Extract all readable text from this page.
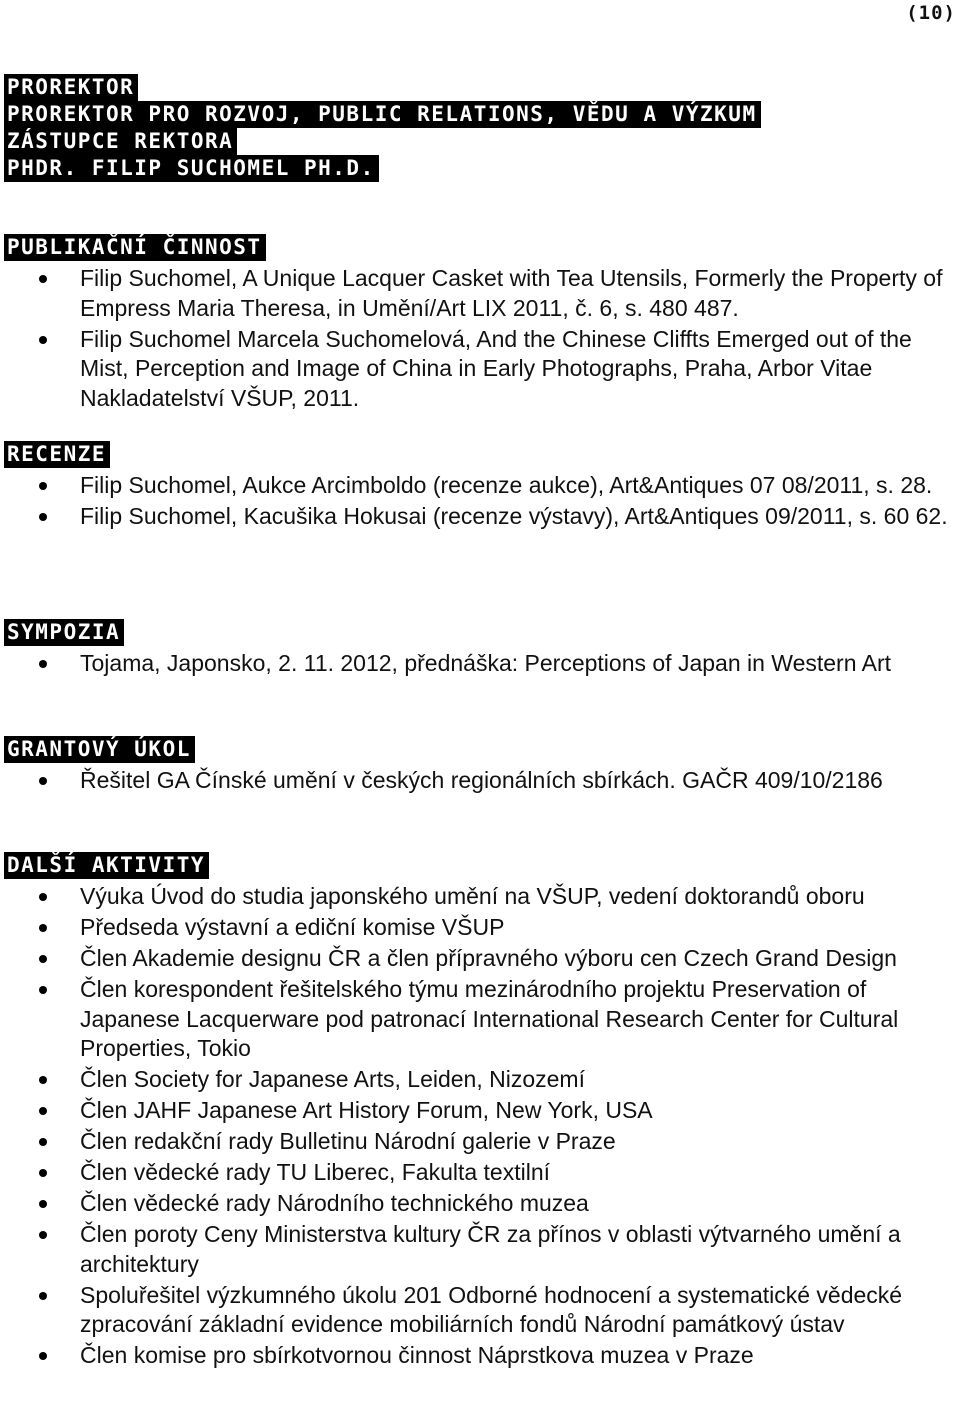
(10)
PROREKTOR
PROREKTOR PRO ROZVOJ, PUBLIC RELATIONS, VĚDU A VÝZKUM
ZÁSTUPCE REKTORA
PHDR. FILIP SUCHOMEL PH.D.
PUBLIKAČNÍ ČINNOST
Filip Suchomel, A Unique Lacquer Casket with Tea Utensils, Formerly the Property of Empress Maria Theresa, in Umění/Art LIX 2011, č. 6, s. 480 487.
Filip Suchomel Marcela Suchomelová, And the Chinese Cliffts Emerged out of the Mist, Perception and Image of China in Early Photographs, Praha, Arbor Vitae Nakladatelství VŠUP, 2011.
RECENZE
Filip Suchomel, Aukce Arcimboldo (recenze aukce), Art&Antiques 07 08/2011, s. 28.
Filip Suchomel, Kacušika Hokusai (recenze výstavy), Art&Antiques 09/2011, s. 60 62.
SYMPOZIA
Tojama, Japonsko, 2. 11. 2012, přednáška: Perceptions of Japan in Western Art
GRANTOVÝ ÚKOL
Řešitel GA Čínské umění v českých regionálních sbírkách. GAČR 409/10/2186
DALŠÍ AKTIVITY
Výuka Úvod do studia japonského umění na VŠUP, vedení doktorandů oboru
Předseda výstavní a ediční komise VŠUP
Člen Akademie designu ČR a člen přípravného výboru cen Czech Grand Design
Člen korespondent řešitelského týmu mezinárodního projektu Preservation of Japanese Lacquerware pod patronací International Research Center for Cultural Properties, Tokio
Člen Society for Japanese Arts, Leiden, Nizozemí
Člen JAHF Japanese Art History Forum, New York, USA
Člen redakční rady Bulletinu Národní galerie v Praze
Člen vědecké rady TU Liberec, Fakulta textilní
Člen vědecké rady Národního technického muzea
Člen poroty Ceny Ministerstva kultury ČR za přínos v oblasti výtvarného umění a architektury
Spoluřešitel výzkumného úkolu 201 Odborné hodnocení a systematické vědecké zpracování základní evidence mobiliárních fondů Národní památkový ústav
Člen komise pro sbírkotvornou činnost Náprstkova muzea v Praze
